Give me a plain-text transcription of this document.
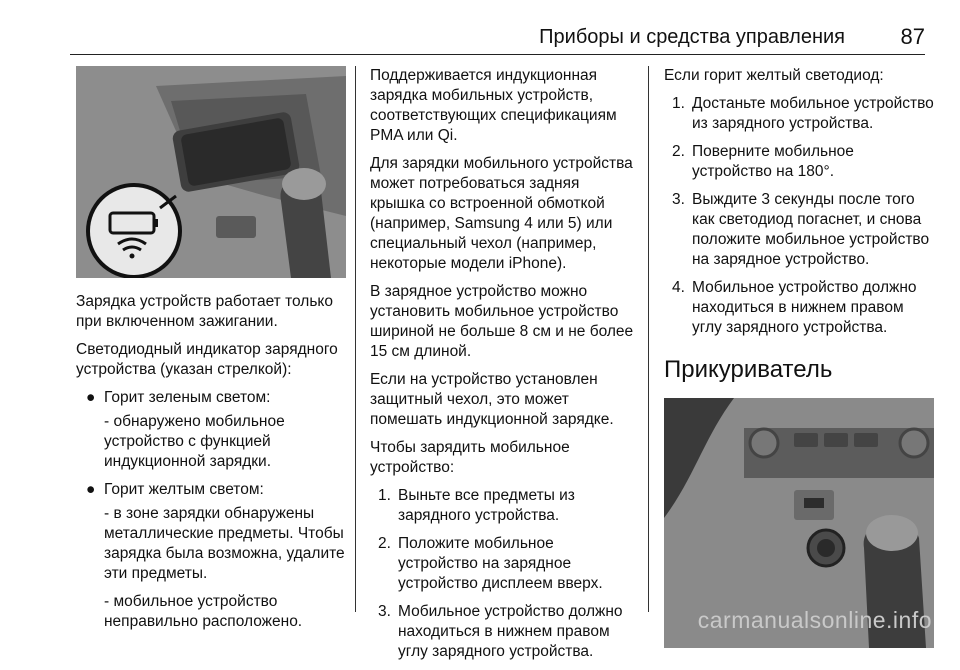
Приборы и средства управления	87

Зарядка устройств работает только при включенном зажигании.

Светодиодный индикатор зарядного устройства (указан стрелкой):

● Горит зеленым светом:
- обнаружено мобильное устройство с функцией индукционной зарядки.
● Горит желтым светом:
- в зоне зарядки обнаружены металлические предметы. Чтобы зарядка была возможна, удалите эти предметы.
- мобильное устройство неправильно расположено.

Поддерживается индукционная зарядка мобильных устройств, соответствующих спецификациям PMA или Qi.

Для зарядки мобильного устройства может потребоваться задняя крышка со встроенной обмоткой (например, Samsung 4 или 5) или специальный чехол (например, некоторые модели iPhone).

В зарядное устройство можно установить мобильное устройство шириной не больше 8 см и не более 15 см длиной.

Если на устройство установлен защитный чехол, это может помешать индукционной зарядке.

Чтобы зарядить мобильное устройство:

1. Выньте все предметы из зарядного устройства.
2. Положите мобильное устройство на зарядное устройство дисплеем вверх.
3. Мобильное устройство должно находиться в нижнем правом углу зарядного устройства.

Если горит желтый светодиод:

1. Достаньте мобильное устройство из зарядного устройства.
2. Поверните мобильное устройство на 180°.
3. Выждите 3 секунды после того как светодиод погаснет, и снова положите мобильное устройство на зарядное устройство.
4. Мобильное устройство должно находиться в нижнем правом углу зарядного устройства.
Прикуриватель
carmanualsonline.info
